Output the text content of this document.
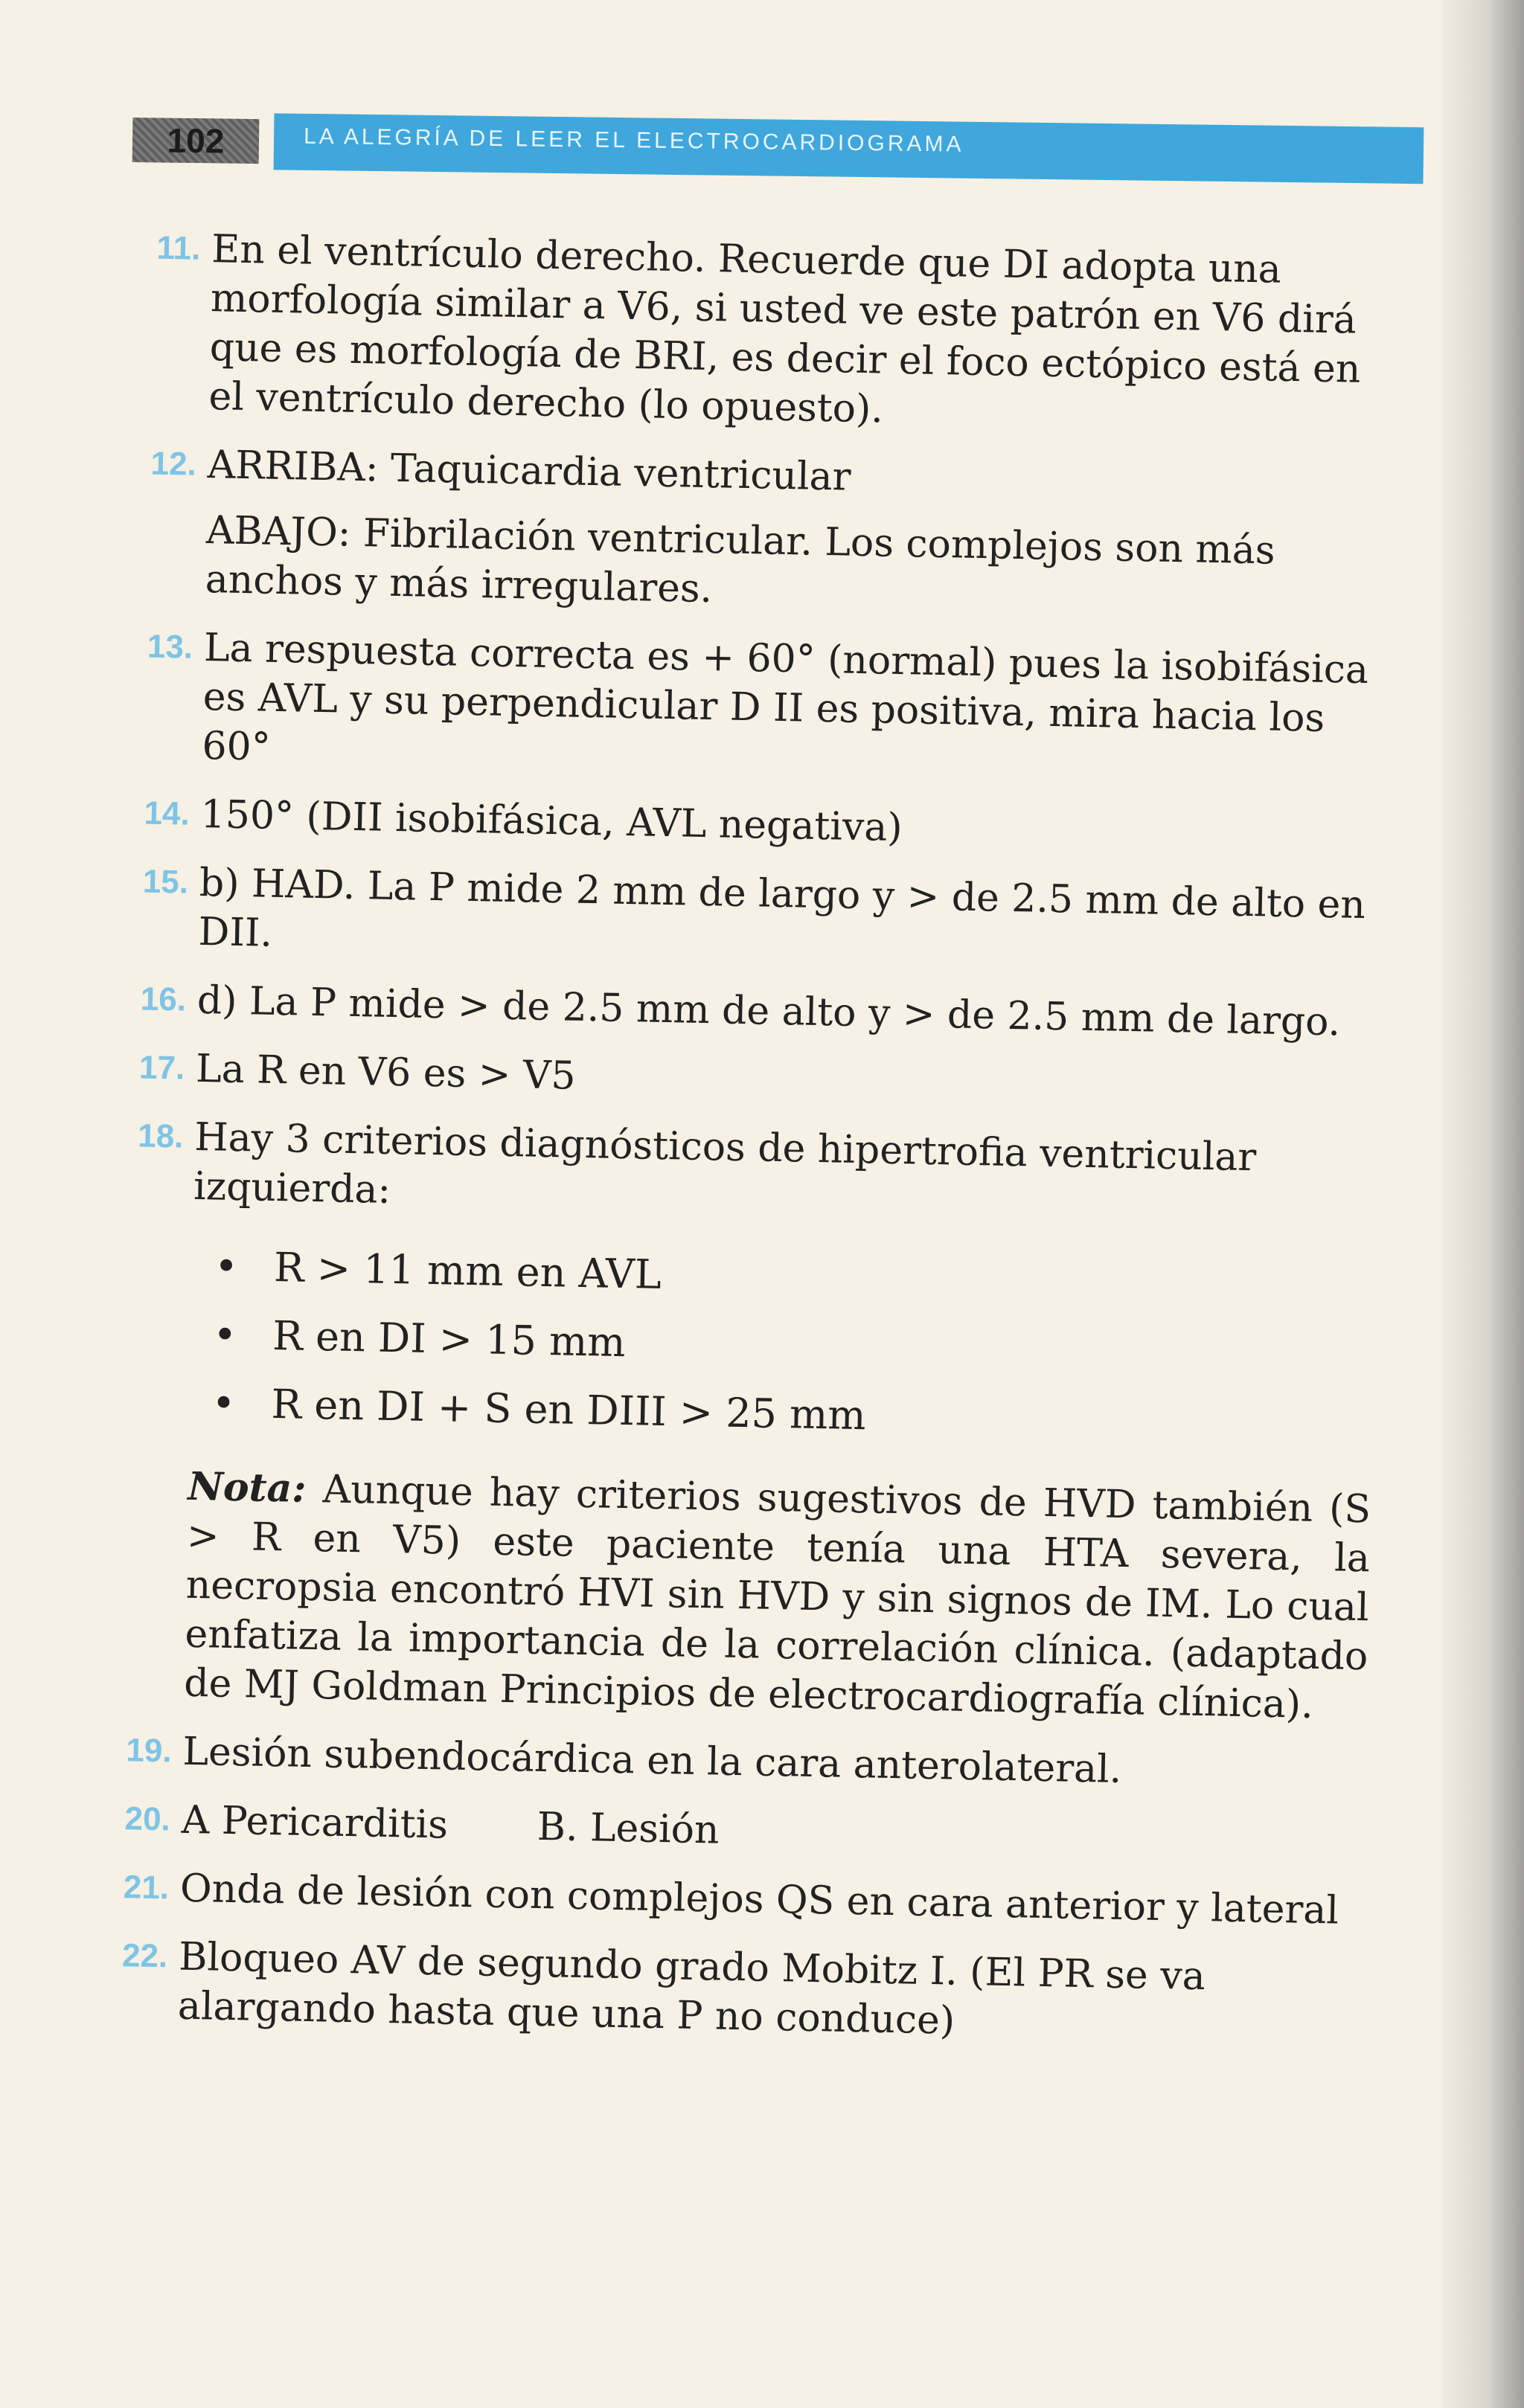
102	LA ALEGRÍA DE LEER EL ELECTROCARDIOGRAMA
11. En el ventrículo derecho. Recuerde que DI adopta una morfología similar a V6, si usted ve este patrón en V6 dirá que es morfología de BRI, es decir el foco ectópico está en el ventrículo derecho (lo opuesto).
12. ARRIBA: Taquicardia ventricular
ABAJO: Fibrilación ventricular. Los complejos son más anchos y más irregulares.
13. La respuesta correcta es + 60° (normal) pues la isobifásica es AVL y su perpendicular D II es positiva, mira hacia los 60°
14. 150° (DII isobifásica, AVL negativa)
15. b) HAD. La P mide 2 mm de largo y > de 2.5 mm de alto en DII.
16. d) La P mide > de 2.5 mm de alto y > de 2.5 mm de largo.
17. La R en V6 es > V5
18. Hay 3 criterios diagnósticos de hipertrofia ventricular izquierda:
• R > 11 mm en AVL
• R en DI > 15 mm
• R en DI + S en DIII > 25 mm
Nota: Aunque hay criterios sugestivos de HVD también (S > R en V5) este paciente tenía una HTA severa, la necropsia encontró HVI sin HVD y sin signos de IM. Lo cual enfatiza la importancia de la correlación clínica. (adaptado de MJ Goldman Principios de electrocardiografía clínica).
19. Lesión subendocárdica en la cara anterolateral.
20. A Pericarditis B. Lesión
21. Onda de lesión con complejos QS en cara anterior y lateral
22. Bloqueo AV de segundo grado Mobitz I. (El PR se va alargando hasta que una P no conduce)
